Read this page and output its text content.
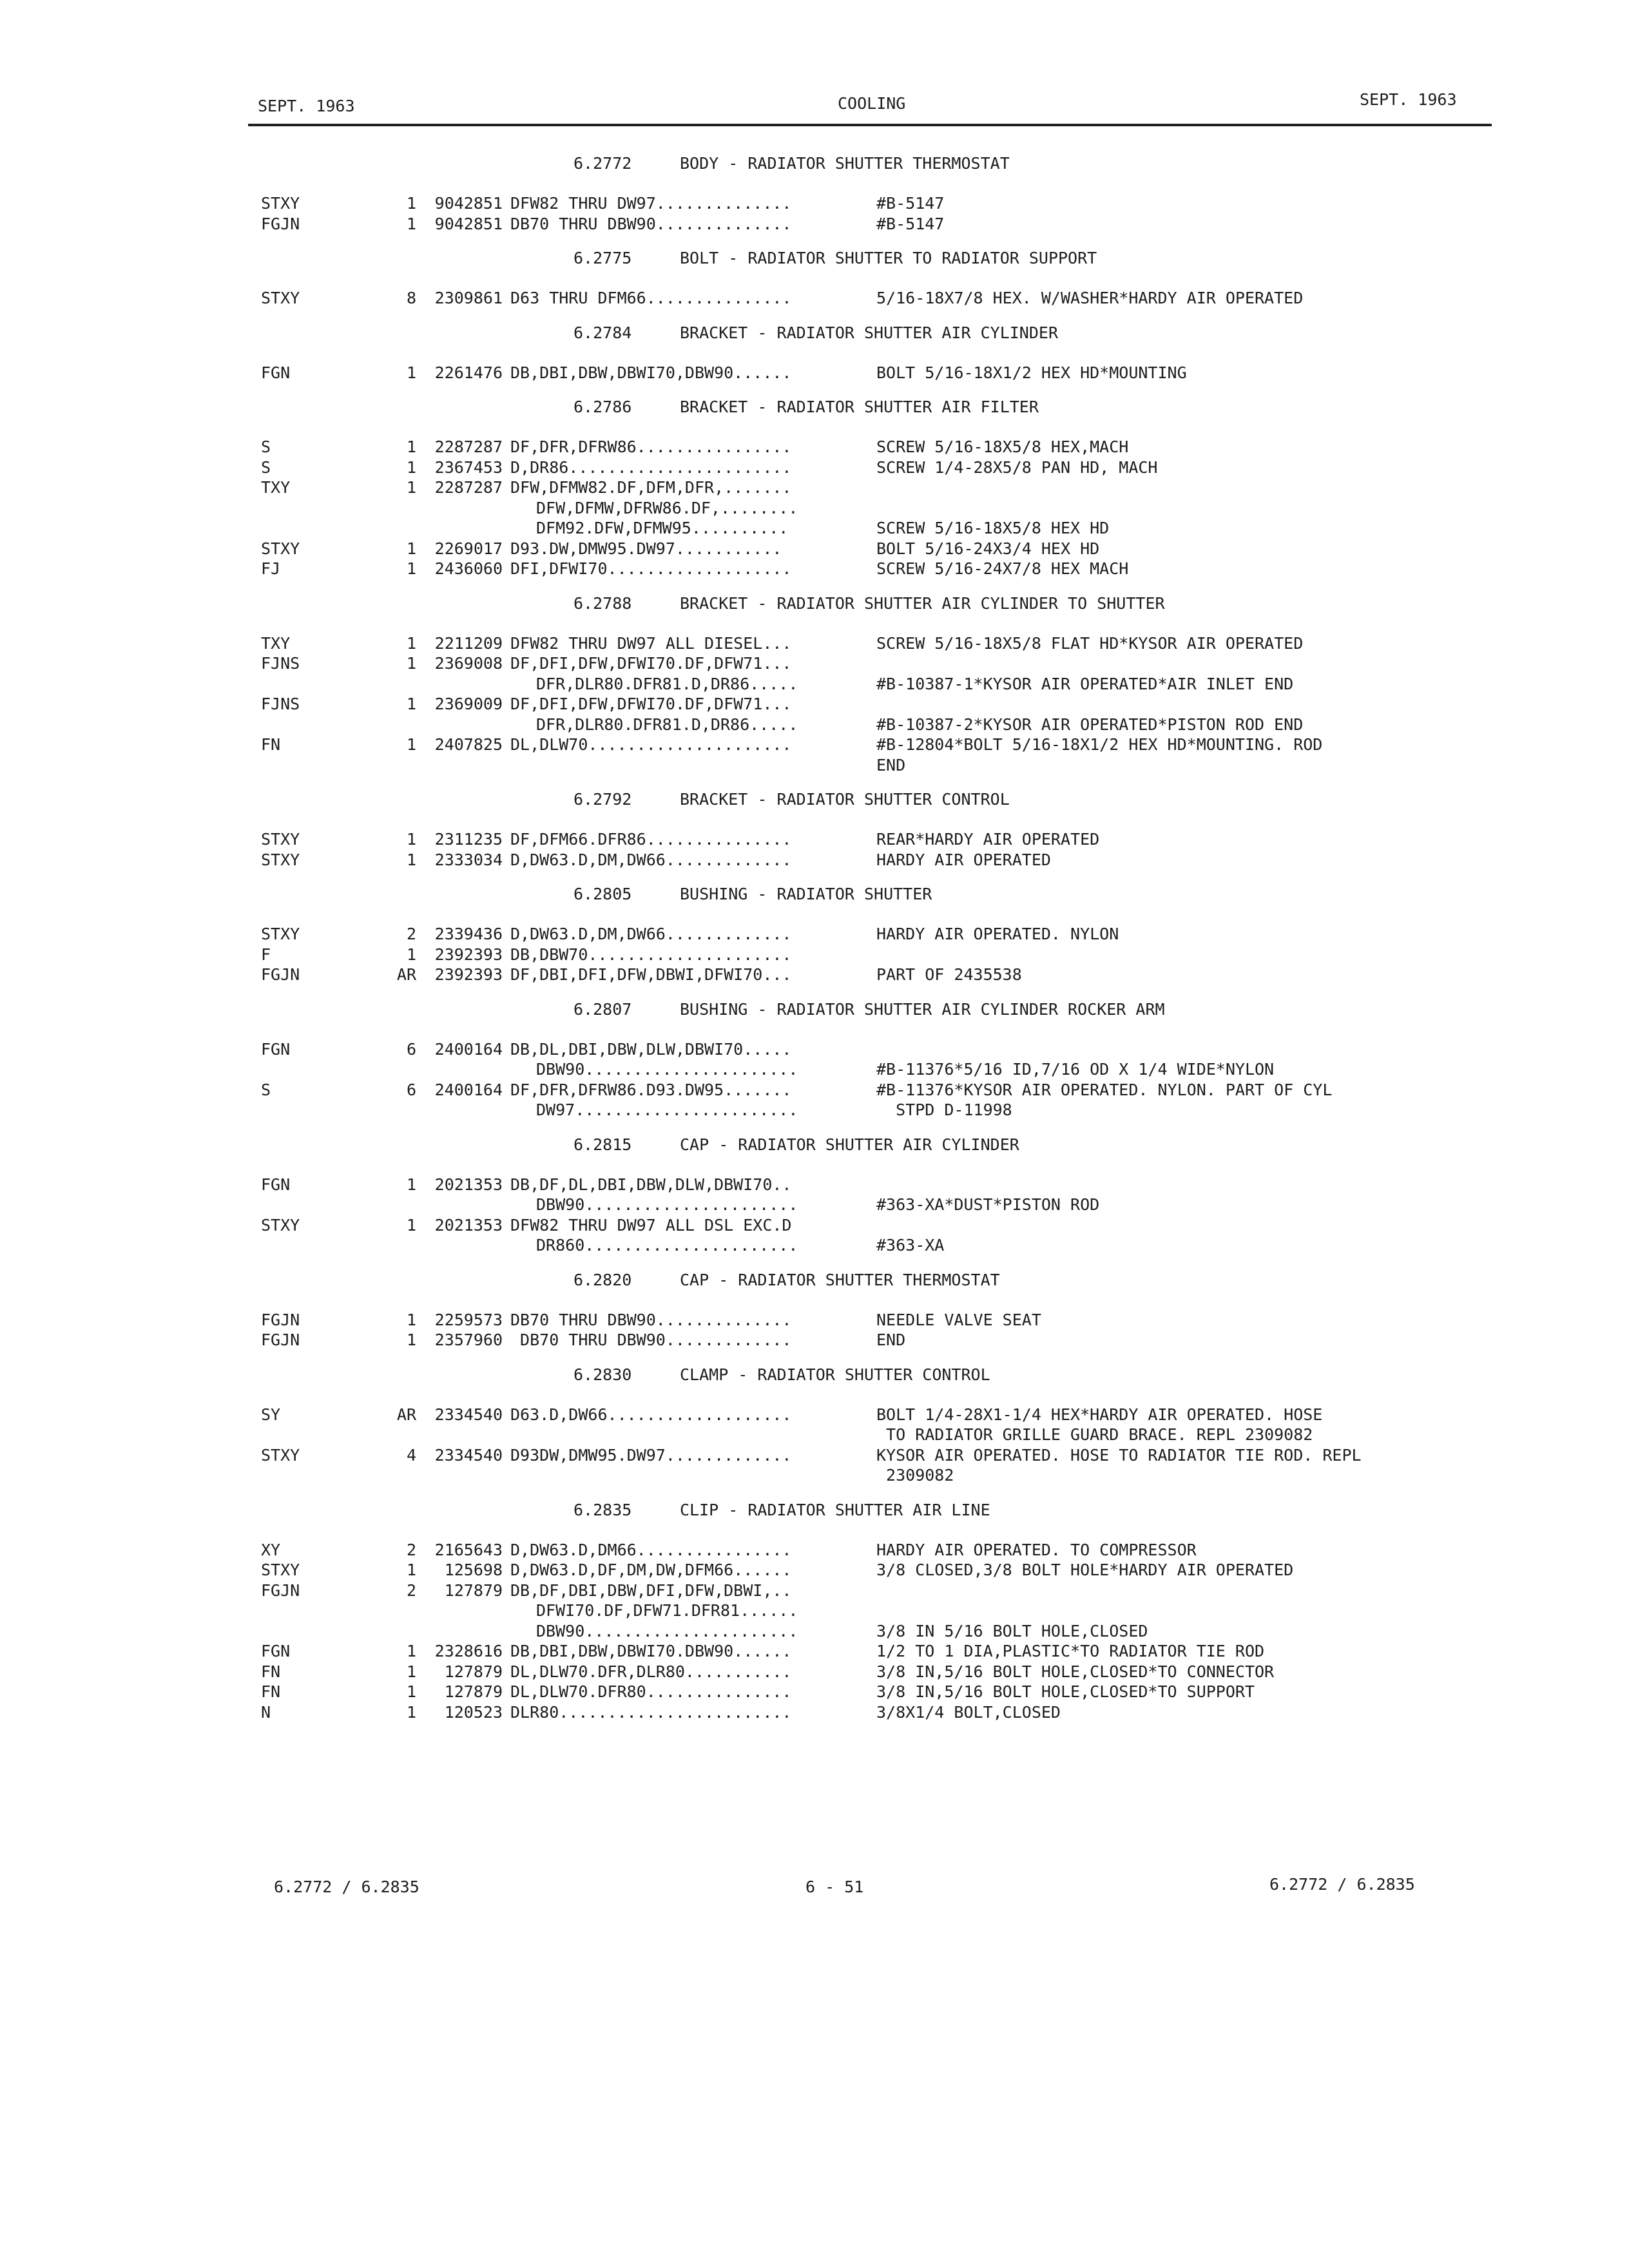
SEPT. 1963	COOLING	SEPT. 1963
6.2772	BODY - RADIATOR SHUTTER THERMOSTAT
STXY	1	9042851 DFW82 THRU DW97..............	#B-5147
FGJN	1	9042851 DB70 THRU DBW90..............	#B-5147
6.2775	BOLT - RADIATOR SHUTTER TO RADIATOR SUPPORT
STXY	8	2309861 D63 THRU DFM66...............	5/16-18X7/8 HEX. W/WASHER*HARDY AIR OPERATED
6.2784	BRACKET - RADIATOR SHUTTER AIR CYLINDER
FGN	1	2261476 DB,DBI,DBW,DBWI70,DBW90......	BOLT 5/16-18X1/2 HEX HD*MOUNTING
6.2786	BRACKET - RADIATOR SHUTTER AIR FILTER
S	1	2287287 DF,DFR,DFRW86................	SCREW 5/16-18X5/8 HEX,MACH
S	1	2367453 D,DR86.......................	SCREW 1/4-28X5/8 PAN HD, MACH
TXY	1	2287287 DFW,DFMW82.DF,DFM,DFR,.......
DFW,DFMW,DFRW86.DF,........
DFM92.DFW,DFMW95..........	SCREW 5/16-18X5/8 HEX HD
STXY	1	2269017 D93.DW,DMW95.DW97...........	BOLT 5/16-24X3/4 HEX HD
FJ	1	2436060 DFI,DFWI70...................	SCREW 5/16-24X7/8 HEX MACH
6.2788	BRACKET - RADIATOR SHUTTER AIR CYLINDER TO SHUTTER
TXY	1	2211209 DFW82 THRU DW97 ALL DIESEL...	SCREW 5/16-18X5/8 FLAT HD*KYSOR AIR OPERATED
FJNS	1	2369008 DF,DFI,DFW,DFWI70.DF,DFW71...
DFR,DLR80.DFR81.D,DR86.....	#B-10387-1*KYSOR AIR OPERATED*AIR INLET END
FJNS	1	2369009 DF,DFI,DFW,DFWI70.DF,DFW71...
DFR,DLR80.DFR81.D,DR86.....	#B-10387-2*KYSOR AIR OPERATED*PISTON ROD END
FN	1	2407825 DL,DLW70.....................	#B-12804*BOLT 5/16-18X1/2 HEX HD*MOUNTING. ROD
END
6.2792	BRACKET - RADIATOR SHUTTER CONTROL
STXY	1	2311235 DF,DFM66.DFR86...............	REAR*HARDY AIR OPERATED
STXY	1	2333034 D,DW63.D,DM,DW66.............	HARDY AIR OPERATED
6.2805	BUSHING - RADIATOR SHUTTER
STXY	2	2339436 D,DW63.D,DM,DW66.............	HARDY AIR OPERATED. NYLON
F	1	2392393 DB,DBW70.....................
FGJN	AR	2392393 DF,DBI,DFI,DFW,DBWI,DFWI70...	PART OF 2435538
6.2807	BUSHING - RADIATOR SHUTTER AIR CYLINDER ROCKER ARM
FGN	6	2400164 DB,DL,DBI,DBW,DLW,DBWI70.....
DBW90......................	#B-11376*5/16 ID,7/16 OD X 1/4 WIDE*NYLON
S	6	2400164 DF,DFR,DFRW86.D93.DW95.......	#B-11376*KYSOR AIR OPERATED. NYLON. PART OF CYL
DW97.......................	STPD D-11998
6.2815	CAP - RADIATOR SHUTTER AIR CYLINDER
FGN	1	2021353 DB,DF,DL,DBI,DBW,DLW,DBWI70..
DBW90......................	#363-XA*DUST*PISTON ROD
STXY	1	2021353 DFW82 THRU DW97 ALL DSL EXC.D
DR860......................	#363-XA
6.2820	CAP - RADIATOR SHUTTER THERMOSTAT
FGJN	1	2259573 DB70 THRU DBW90..............	NEEDLE VALVE SEAT
FGJN	1	2357960 DB70 THRU DBW90.............	END
6.2830	CLAMP - RADIATOR SHUTTER CONTROL
SY	AR	2334540 D63.D,DW66...................	BOLT 1/4-28X1-1/4 HEX*HARDY AIR OPERATED. HOSE
TO RADIATOR GRILLE GUARD BRACE. REPL 2309082
STXY	4	2334540 D93DW,DMW95.DW97.............	KYSOR AIR OPERATED. HOSE TO RADIATOR TIE ROD. REPL
2309082
6.2835	CLIP - RADIATOR SHUTTER AIR LINE
XY	2	2165643 D,DW63.D,DM66................	HARDY AIR OPERATED. TO COMPRESSOR
STXY	1	125698 D,DW63.D,DF,DM,DW,DFM66......	3/8 CLOSED,3/8 BOLT HOLE*HARDY AIR OPERATED
FGJN	2	127879 DB,DF,DBI,DBW,DFI,DFW,DBWI,..
DFWI70.DF,DFW71.DFR81......
DBW90......................	3/8 IN 5/16 BOLT HOLE,CLOSED
FGN	1	2328616 DB,DBI,DBW,DBWI70.DBW90......	1/2 TO 1 DIA,PLASTIC*TO RADIATOR TIE ROD
FN	1	127879 DL,DLW70.DFR,DLR80...........	3/8 IN,5/16 BOLT HOLE,CLOSED*TO CONNECTOR
FN	1	127879 DL,DLW70.DFR80...............	3/8 IN,5/16 BOLT HOLE,CLOSED*TO SUPPORT
N	1	120523 DLR80........................	3/8X1/4 BOLT,CLOSED
6.2772 / 6.2835	6 - 51	6.2772 / 6.2835
